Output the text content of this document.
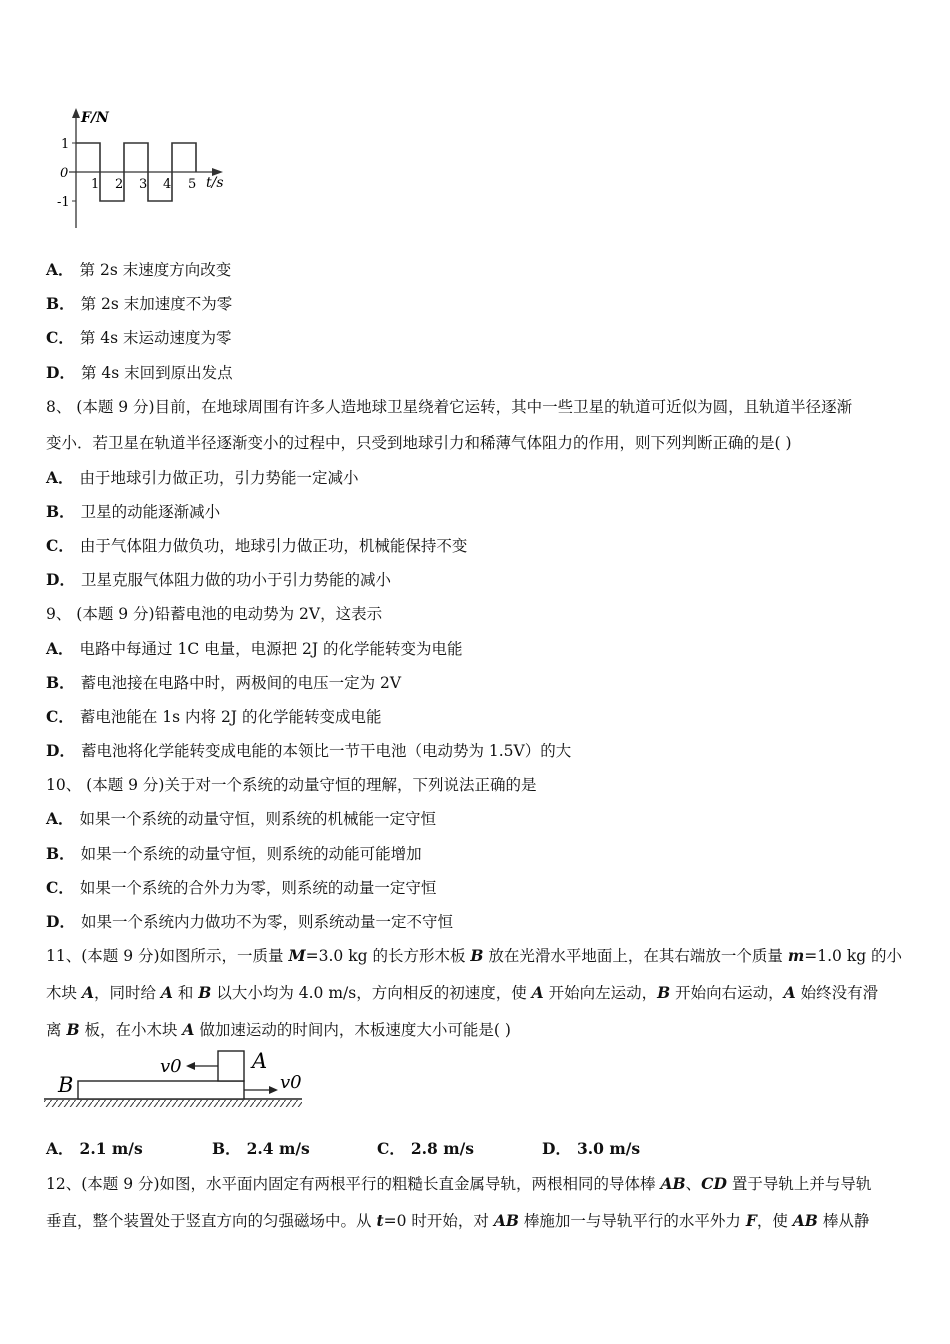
F/N
t/s
1
0
-1
1 2 3 4 5
A． 第 2s 末速度方向改变
B． 第 2s 末加速度不为零
C． 第 4s 末运动速度为零
D． 第 4s 末回到原出发点
8、 (本题 9 分)目前，在地球周围有许多人造地球卫星绕着它运转，其中一些卫星的轨道可近似为圆，且轨道半径逐渐
变小．若卫星在轨道半径逐渐变小的过程中，只受到地球引力和稀薄气体阻力的作用，则下列判断正确的是( )
A． 由于地球引力做正功，引力势能一定减小
B． 卫星的动能逐渐减小
C． 由于气体阻力做负功，地球引力做正功，机械能保持不变
D． 卫星克服气体阻力做的功小于引力势能的减小
9、 (本题 9 分)铅蓄电池的电动势为 2V，这表示
A． 电路中每通过 1C 电量，电源把 2J 的化学能转变为电能
B． 蓄电池接在电路中时，两极间的电压一定为 2V
C． 蓄电池能在 1s 内将 2J 的化学能转变成电能
D． 蓄电池将化学能转变成电能的本领比一节干电池（电动势为 1.5V）的大
10、 (本题 9 分)关于对一个系统的动量守恒的理解，下列说法正确的是
A． 如果一个系统的动量守恒，则系统的机械能一定守恒
B． 如果一个系统的动量守恒，则系统的动能可能增加
C． 如果一个系统的合外力为零，则系统的动量一定守恒
D． 如果一个系统内力做功不为零，则系统动量一定不守恒
11、(本题 9 分)如图所示，一质量 M=3.0 kg 的长方形木板 B 放在光滑水平地面上，在其右端放一个质量 m=1.0 kg 的小
木块 A，同时给 A 和 B 以大小均为 4.0 m/s，方向相反的初速度，使 A 开始向左运动，B 开始向右运动，A 始终没有滑
离 B 板，在小木块 A 做加速运动的时间内，木板速度大小可能是( )
B
A
v0
v0
A． 2.1 m/s	B． 2.4 m/s	C． 2.8 m/s	D． 3.0 m/s
12、(本题 9 分)如图，水平面内固定有两根平行的粗糙长直金属导轨，两根相同的导体棒 AB、CD 置于导轨上并与导轨
垂直，整个装置处于竖直方向的匀强磁场中。从 t=0 时开始，对 AB 棒施加一与导轨平行的水平外力 F，使 AB 棒从静
